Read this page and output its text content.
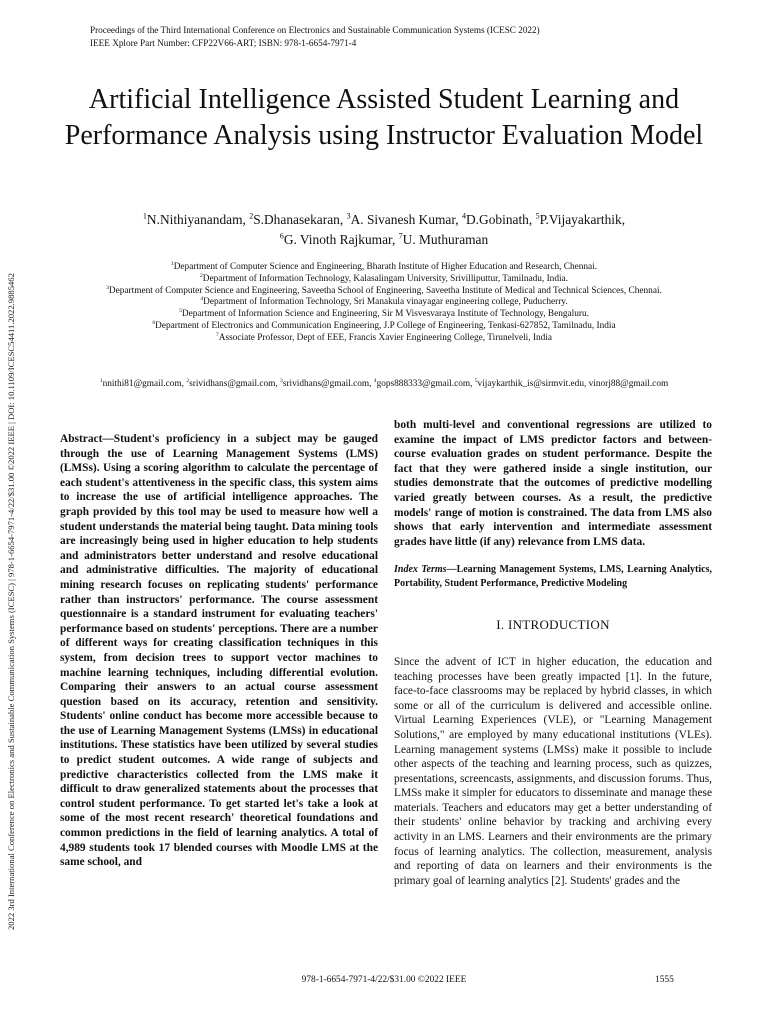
Proceedings of the Third International Conference on Electronics and Sustainable Communication Systems (ICESC 2022)
IEEE Xplore Part Number: CFP22V66-ART; ISBN: 978-1-6654-7971-4
2022 3rd International Conference on Electronics and Sustainable Communication Systems (ICESC) | 978-1-6654-7971-4/22/$31.00 ©2022 IEEE | DOI: 10.1109/ICESC54411.2022.9885462
Artificial Intelligence Assisted Student Learning and Performance Analysis using Instructor Evaluation Model
$^1$N.Nithiyanandam, $^2$S.Dhanasekaran, $^3$A. Sivanesh Kumar, $^4$D.Gobinath, $^5$P.Vijayakarthik,
$^6$G. Vinoth Rajkumar, $^7$U. Muthuraman
$^1$Department of Computer Science and Engineering, Bharath Institute of Higher Education and Research, Chennai.
$^2$Department of Information Technology, Kalasalingam University, Srivilliputtur, Tamilnadu, India.
$^3$Department of Computer Science and Engineering, Saveetha School of Engineering, Saveetha Institute of Medical and Technical Sciences, Chennai.
$^4$Department of Information Technology, Sri Manakula vinayagar engineering college, Puducherry.
$^5$Department of Information Science and Engineering, Sir M Visvesvaraya Institute of Technology, Bengaluru.
$^6$Department of Electronics and Communication Engineering, J.P College of Engineering, Tenkasi-627852, Tamilnadu, India
$^7$Associate Professor, Dept of EEE, Francis Xavier Engineering College, Tirunelveli, India
$^1$nnithi81@gmail.com, $^2$srividhans@gmail.com, $^3$srividhans@gmail.com, $^4$gops888333@gmail.com, $^5$vijaykarthik_is@sirmvit.edu, vinorj88@gmail.com
Abstract—Student's proficiency in a subject may be gauged through the use of Learning Management Systems (LMS) (LMSs). Using a scoring algorithm to calculate the percentage of each student's attentiveness in the specific class, this system aims to increase the use of artificial intelligence approaches. The graph provided by this tool may be used to measure how well a student understands the material being taught. Data mining tools are increasingly being used in higher education to help students and administrators better understand and resolve educational and administrative difficulties. The majority of educational mining research focuses on replicating students' performance rather than instructors' performance. The course assessment questionnaire is a standard instrument for evaluating teachers' performance based on students' perceptions. There are a number of different ways for creating classification techniques in this system, from decision trees to support vector machines to machine learning techniques, including differential evolution. Comparing their answers to an actual course assessment question based on its accuracy, retention and sensitivity. Students' online conduct has become more accessible because to the use of Learning Management Systems (LMSs) in educational institutions. These statistics have been utilized by several studies to predict student outcomes. A wide range of subjects and predictive characteristics collected from the LMS make it difficult to draw generalized statements about the processes that control student performance. To get started let's take a look at some of the most recent research' theoretical foundations and common predictions in the field of learning analytics. A total of 4,989 students took 17 blended courses with Moodle LMS at the same school, and
both multi-level and conventional regressions are utilized to examine the impact of LMS predictor factors and between-course evaluation grades on student performance. Despite the fact that they were gathered inside a single institution, our studies demonstrate that the outcomes of predictive modelling varied greatly between courses. As a result, the predictive models' range of motion is constrained. The data from LMS also shows that early intervention and intermediate assessment grades have little (if any) relevance from LMS data.
Index Terms—Learning Management Systems, LMS, Learning Analytics, Portability, Student Performance, Predictive Modeling
I. INTRODUCTION
Since the advent of ICT in higher education, the education and teaching processes have been greatly impacted [1]. In the future, face-to-face classrooms may be replaced by hybrid classes, in which some or all of the curriculum is delivered and accessible online. Virtual Learning Experiences (VLE), or "Learning Management Solutions," are employed by many educational institutions (VLEs). Learning management systems (LMSs) make it possible to include other aspects of the teaching and learning process, such as quizzes, presentations, screencasts, assignments, and discussion forums. Thus, LMSs make it simpler for educators to disseminate and manage these materials. Teachers and educators may get a better understanding of their students' online behavior by tracking and archiving every activity in an LMS. Learners and their environments are the primary focus of learning analytics. The collection, measurement, analysis and reporting of data on learners and their environments is the primary goal of learning analytics [2]. Students' grades and the
978-1-6654-7971-4/22/$31.00 ©2022 IEEE	1555
